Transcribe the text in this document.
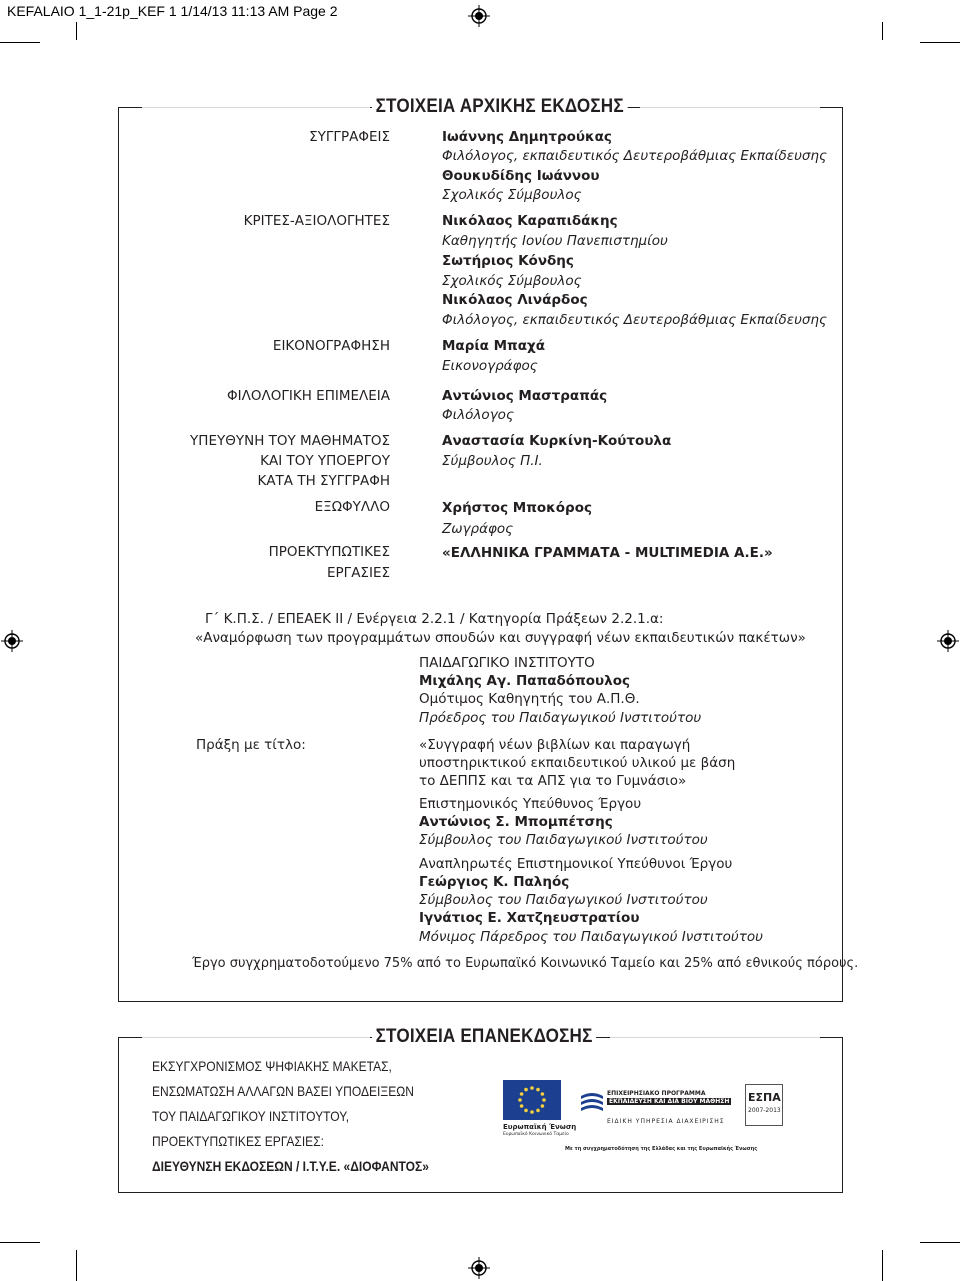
KEFALAIO 1_1-21p_KEF 1 1/14/13 11:13 AM Page 2
ΣΤΟΙΧΕΙΑ ΑΡΧΙΚΗΣ ΕΚΔΟΣΗΣ
ΣΥΓΓΡΑΦΕΙΣ
ΚΡΙΤΕΣ-ΑΞΙΟΛΟΓΗΤΕΣ
ΕΙΚΟΝΟΓΡΑΦΗΣΗ
ΦΙΛΟΛΟΓΙΚΗ ΕΠΙΜΕΛΕΙΑ
ΥΠΕΥΘΥΝΗ ΤΟΥ ΜΑΘΗΜΑΤΟΣ
ΚΑΙ ΤΟΥ ΥΠΟΕΡΓΟΥ
ΚΑΤΑ ΤΗ ΣΥΓΓΡΑΦΗ
ΕΞΩΦΥΛΛΟ
ΠΡΟΕΚΤΥΠΩΤΙΚΕΣ
ΕΡΓΑΣΙΕΣ
Ιωάννης Δημητρούκας
Φιλόλογος, εκπαιδευτικός Δευτεροβάθμιας Εκπαίδευσης
Θουκυδίδης Ιωάννου
Σχολικός Σύμβουλος
Νικόλαος Καραπιδάκης
Καθηγητής Ιονίου Πανεπιστημίου
Σωτήριος Κόνδης
Σχολικός Σύμβουλος
Νικόλαος Λινάρδος
Φιλόλογος, εκπαιδευτικός Δευτεροβάθμιας Εκπαίδευσης
Μαρία Μπαχά
Εικονογράφος
Αντώνιος Μαστραπάς
Φιλόλογος
Αναστασία Κυρκίνη-Κούτουλα
Σύμβουλος Π.Ι.
Χρήστος Μποκόρος
Ζωγράφος
«ΕΛΛΗΝΙΚΑ ΓΡΑΜΜΑΤΑ - MULTIMEDIA Α.Ε.»
Γ΄ Κ.Π.Σ. / ΕΠΕΑΕΚ ΙΙ / Ενέργεια 2.2.1 / Κατηγορία Πράξεων 2.2.1.α:
«Αναμόρφωση των προγραμμάτων σπουδών και συγγραφή νέων εκπαιδευτικών πακέτων»
ΠΑΙΔΑΓΩΓΙΚΟ ΙΝΣΤΙΤΟΥΤΟ
Μιχάλης Αγ. Παπαδόπουλος
Ομότιμος Καθηγητής του Α.Π.Θ.
Πρόεδρος του Παιδαγωγικού Ινστιτούτου
Πράξη με τίτλο:	«Συγγραφή νέων βιβλίων και παραγωγή
υποστηρικτικού εκπαιδευτικού υλικού με βάση
το ΔΕΠΠΣ και τα ΑΠΣ για το Γυμνάσιο»
Επιστημονικός Υπεύθυνος Έργου
Αντώνιος Σ. Μπομπέτσης
Σύμβουλος του Παιδαγωγικού Ινστιτούτου
Αναπληρωτές Επιστημονικοί Υπεύθυνοι Έργου
Γεώργιος Κ. Παληός
Σύμβουλος του Παιδαγωγικού Ινστιτούτου
Ιγνάτιος Ε. Χατζηευστρατίου
Μόνιμος Πάρεδρος του Παιδαγωγικού Ινστιτούτου
Έργο συγχρηματοδοτούμενο 75% από το Ευρωπαϊκό Κοινωνικό Ταμείο και 25% από εθνικούς πόρους.
ΣΤΟΙΧΕΙΑ ΕΠΑΝΕΚΔΟΣΗΣ
ΕΚΣΥΓΧΡΟΝΙΣΜΟΣ ΨΗΦΙΑΚΗΣ ΜΑΚΕΤΑΣ,
ΕΝΣΩΜΑΤΩΣΗ ΑΛΛΑΓΩΝ ΒΑΣΕΙ ΥΠΟΔΕΙΞΕΩΝ
ΤΟΥ ΠΑΙΔΑΓΩΓΙΚΟΥ ΙΝΣΤΙΤΟΥΤΟΥ,
ΠΡΟΕΚΤΥΠΩΤΙΚΕΣ ΕΡΓΑΣΙΕΣ:
ΔΙΕΥΘΥΝΣΗ ΕΚΔΟΣΕΩΝ / Ι.Τ.Υ.Ε. «ΔΙΟΦΑΝΤΟΣ»
Ευρωπαϊκή Ένωση
Ευρωπαϊκό Κοινωνικό Ταμείο
ΕΠΙΧΕΙΡΗΣΙΑΚΟ ΠΡΟΓΡΑΜΜΑ
ΕΚΠΑΙΔΕΥΣΗ ΚΑΙ ΔΙΑ ΒΙΟΥ ΜΑΘΗΣΗ
ΕΙΔΙΚΗ ΥΠΗΡΕΣΙΑ ΔΙΑΧΕΙΡΙΣΗΣ
ΕΣΠΑ
2007-2013
Με τη συγχρηματοδότηση της Ελλάδας και της Ευρωπαϊκής Ένωσης
